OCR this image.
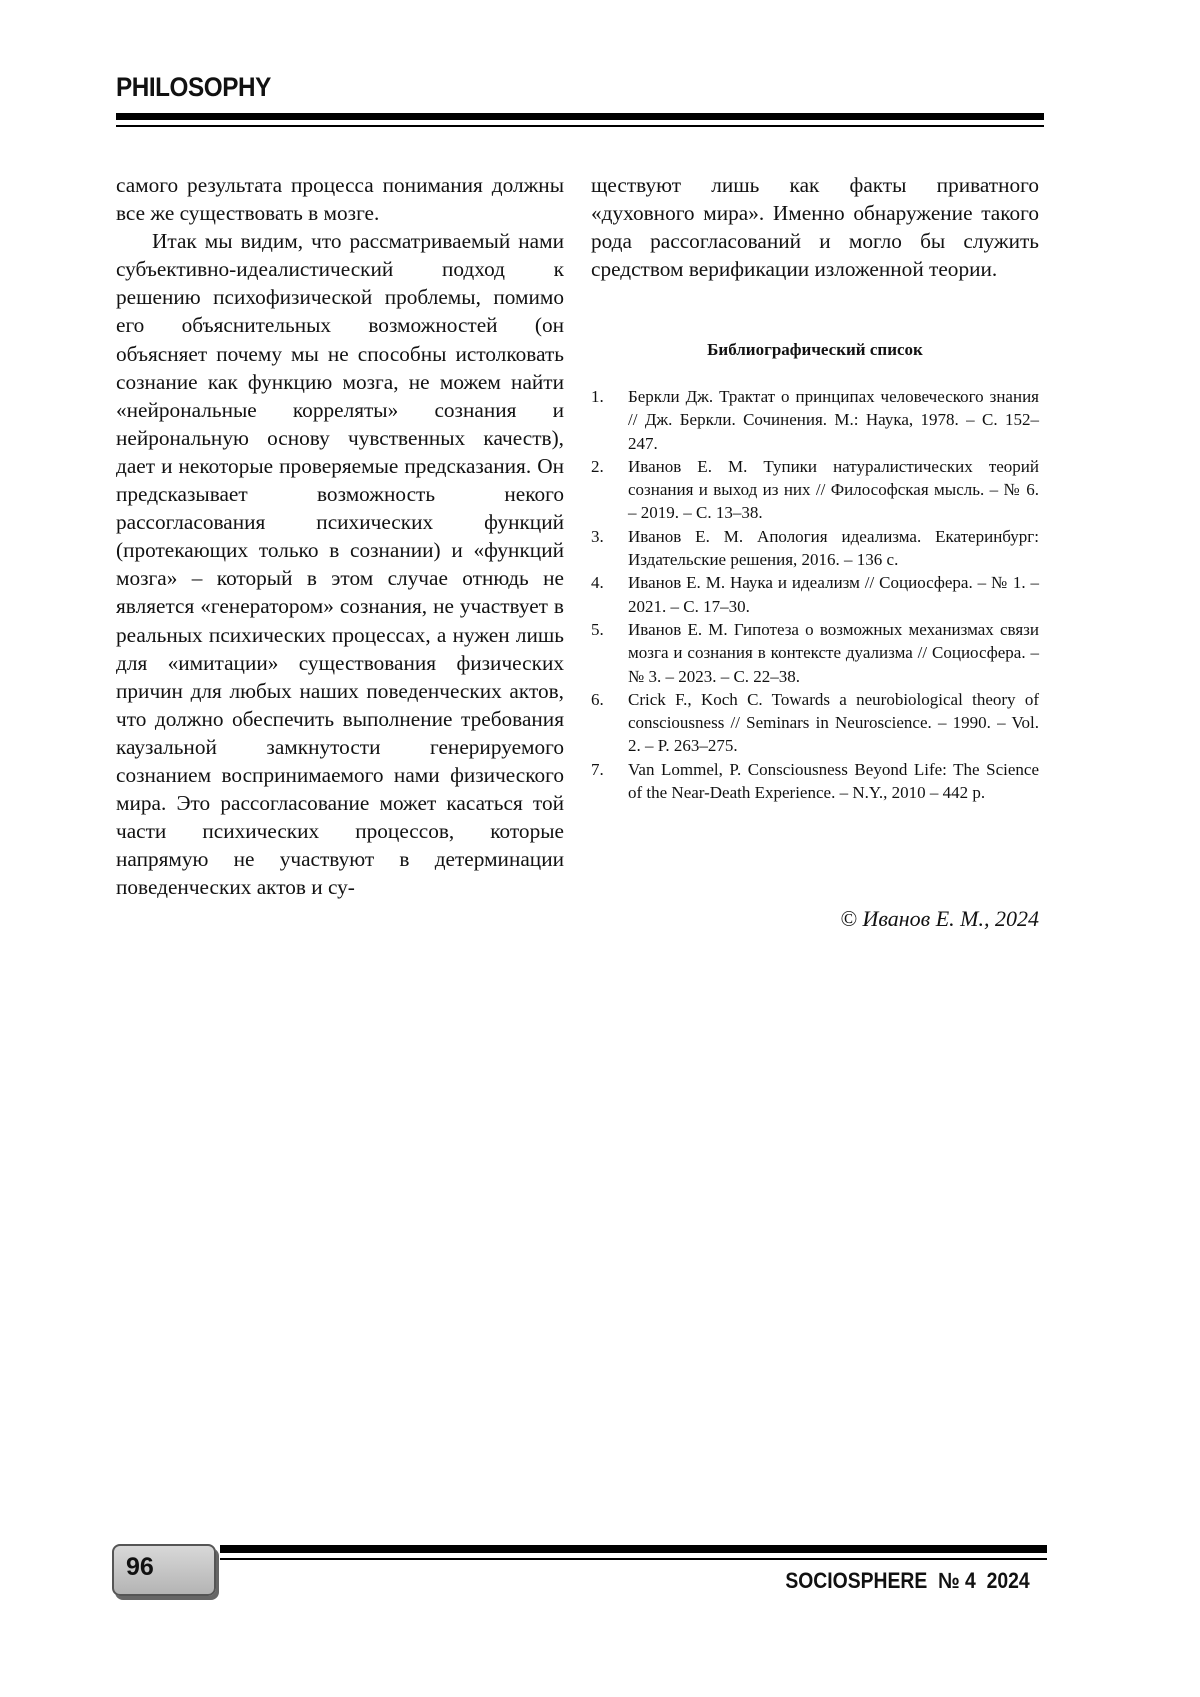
PHILOSOPHY

самого результата процесса понимания должны все же существовать в мозге.

Итак мы видим, что рассматриваемый нами субъективно-идеалистический подход к решению психофизической проблемы, помимо его объяснительных возможностей (он объясняет почему мы не способны истолковать сознание как функцию мозга, не можем найти «нейрональные корреляты» сознания и нейрональную основу чувственных качеств), дает и некоторые проверяемые предсказания. Он предсказывает возможность некого рассогласования психических функций (протекающих только в сознании) и «функций мозга» – который в этом случае отнюдь не является «генератором» сознания, не участвует в реальных психических процессах, а нужен лишь для «имитации» существования физических причин для любых наших поведенческих актов, что должно обеспечить выполнение требования каузальной замкнутости генерируемого сознанием воспринимаемого нами физического мира. Это рассогласование может касаться той части психических процессов, которые напрямую не участвуют в детерминации поведенческих актов и су-

ществуют лишь как факты приватного «духовного мира». Именно обнаружение такого рода рассогласований и могло бы служить средством верификации изложенной теории.

Библиографический список
1. Беркли Дж. Трактат о принципах человеческого знания // Дж. Беркли. Сочинения. М.: Наука, 1978. – С. 152–247.
2. Иванов Е. М. Тупики натуралистических теорий сознания и выход из них // Философская мысль. – № 6. – 2019. – С. 13–38.
3. Иванов Е. М. Апология идеализма. Екатеринбург: Издательские решения, 2016. – 136 с.
4. Иванов Е. М. Наука и идеализм // Социосфера. – № 1. – 2021. – С. 17–30.
5. Иванов Е. М. Гипотеза о возможных механизмах связи мозга и сознания в контексте дуализма // Социосфера. – № 3. – 2023. – С. 22–38.
6. Crick F., Koch C. Towards a neurobiological theory of consciousness // Seminars in Neuroscience. – 1990. – Vol. 2. – P. 263–275.
7. Van Lommel, P. Consciousness Beyond Life: The Science of the Near-Death Experience. – N.Y., 2010 – 442 p.
© Иванов Е. М., 2024
96	SOCIOSPHERE  № 4  2024
